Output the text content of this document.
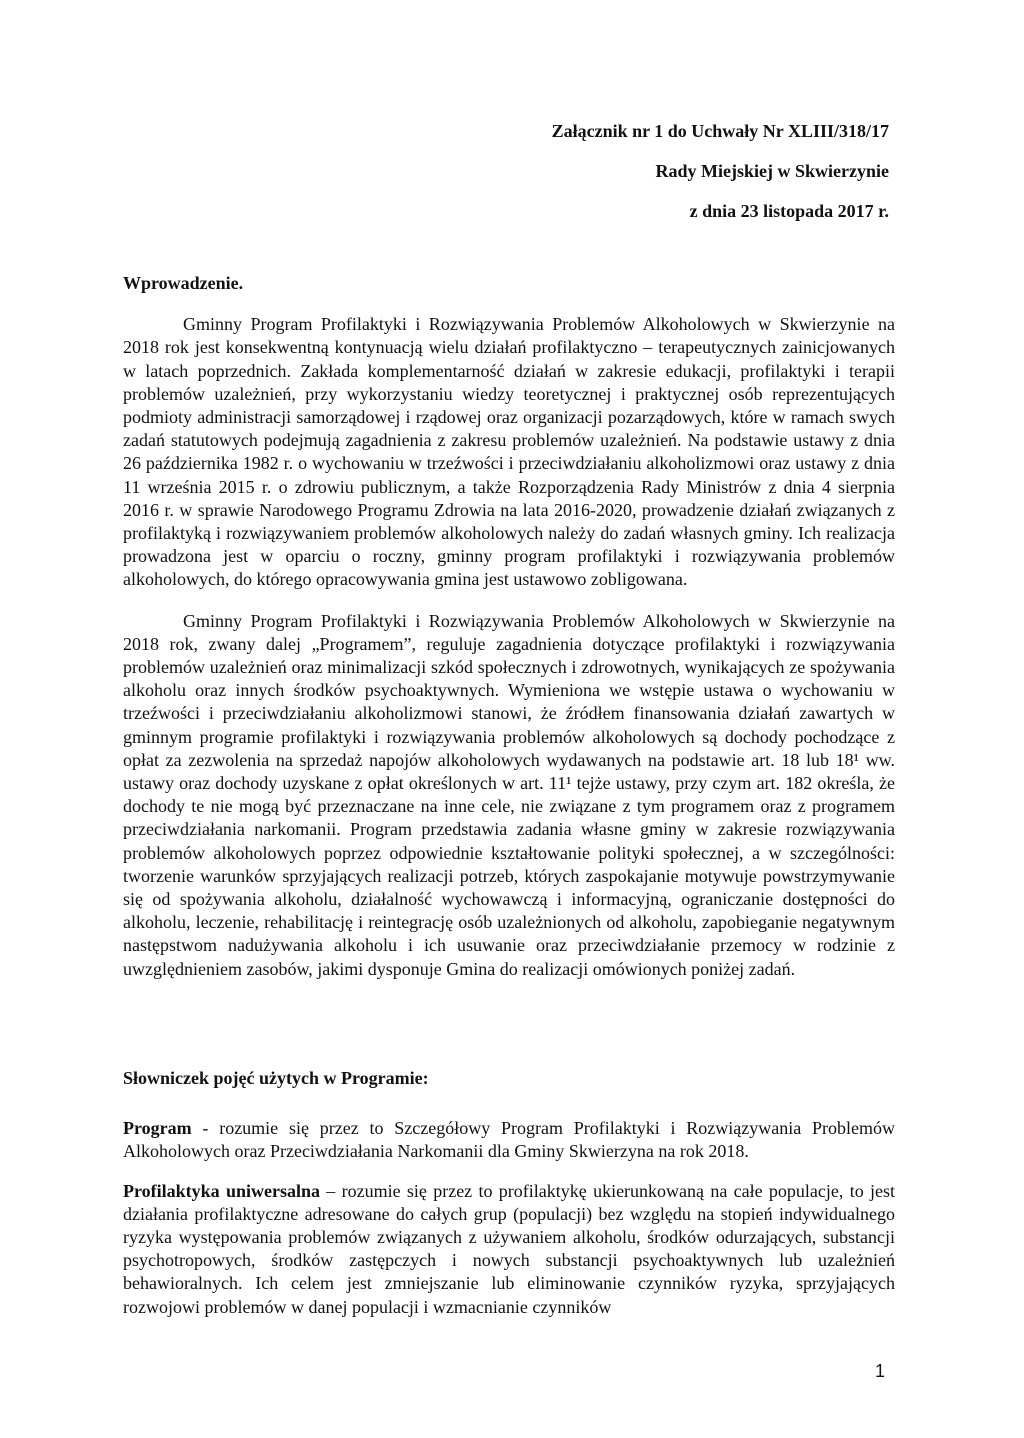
Załącznik nr 1 do Uchwały Nr XLIII/318/17
Rady Miejskiej w Skwierzynie
z dnia 23 listopada 2017 r.

Wprowadzenie.

Gminny Program Profilaktyki i Rozwiązywania Problemów Alkoholowych w Skwierzynie na 2018 rok jest konsekwentną kontynuacją wielu działań profilaktyczno – terapeutycznych zainicjowanych w latach poprzednich. Zakłada komplementarność działań w zakresie edukacji, profilaktyki i terapii problemów uzależnień, przy wykorzystaniu wiedzy teoretycznej i praktycznej osób reprezentujących podmioty administracji samorządowej i rządowej oraz organizacji pozarządowych, które w ramach swych zadań statutowych podejmują zagadnienia z zakresu problemów uzależnień. Na podstawie ustawy z dnia 26 października 1982 r. o wychowaniu w trzeźwości i przeciwdziałaniu alkoholizmowi oraz ustawy z dnia 11 września 2015 r. o zdrowiu publicznym, a także Rozporządzenia Rady Ministrów z dnia 4 sierpnia 2016 r. w sprawie Narodowego Programu Zdrowia na lata 2016-2020, prowadzenie działań związanych z profilaktyką i rozwiązywaniem problemów alkoholowych należy do zadań własnych gminy. Ich realizacja prowadzona jest w oparciu o roczny, gminny program profilaktyki i rozwiązywania problemów alkoholowych, do którego opracowywania gmina jest ustawowo zobligowana.

Gminny Program Profilaktyki i Rozwiązywania Problemów Alkoholowych w Skwierzynie na 2018 rok, zwany dalej „Programem”, reguluje zagadnienia dotyczące profilaktyki i rozwiązywania problemów uzależnień oraz minimalizacji szkód społecznych i zdrowotnych, wynikających ze spożywania alkoholu oraz innych środków psychoaktywnych. Wymieniona we wstępie ustawa o wychowaniu w trzeźwości i przeciwdziałaniu alkoholizmowi stanowi, że źródłem finansowania działań zawartych w gminnym programie profilaktyki i rozwiązywania problemów alkoholowych są dochody pochodzące z opłat za zezwolenia na sprzedaż napojów alkoholowych wydawanych na podstawie art. 18 lub 18¹ ww. ustawy oraz dochody uzyskane z opłat określonych w art. 11¹ tejże ustawy, przy czym art. 182 określa, że dochody te nie mogą być przeznaczane na inne cele, nie związane z tym programem oraz z programem przeciwdziałania narkomanii. Program przedstawia zadania własne gminy w zakresie rozwiązywania problemów alkoholowych poprzez odpowiednie kształtowanie polityki społecznej, a w szczególności: tworzenie warunków sprzyjających realizacji potrzeb, których zaspokajanie motywuje powstrzymywanie się od spożywania alkoholu, działalność wychowawczą i informacyjną, ograniczanie dostępności do alkoholu, leczenie, rehabilitację i reintegrację osób uzależnionych od alkoholu, zapobieganie negatywnym następstwom nadużywania alkoholu i ich usuwanie oraz przeciwdziałanie przemocy w rodzinie z uwzględnieniem zasobów, jakimi dysponuje Gmina do realizacji omówionych poniżej zadań.

Słowniczek pojęć użytych w Programie:

Program - rozumie się przez to Szczegółowy Program Profilaktyki i Rozwiązywania Problemów Alkoholowych oraz Przeciwdziałania Narkomanii dla Gminy Skwierzyna na rok 2018.

Profilaktyka uniwersalna – rozumie się przez to profilaktykę ukierunkowaną na całe populacje, to jest działania profilaktyczne adresowane do całych grup (populacji) bez względu na stopień indywidualnego ryzyka występowania problemów związanych z używaniem alkoholu, środków odurzających, substancji psychotropowych, środków zastępczych i nowych substancji psychoaktywnych lub uzależnień behawioralnych. Ich celem jest zmniejszanie lub eliminowanie czynników ryzyka, sprzyjających rozwojowi problemów w danej populacji i wzmacnianie czynników

1
